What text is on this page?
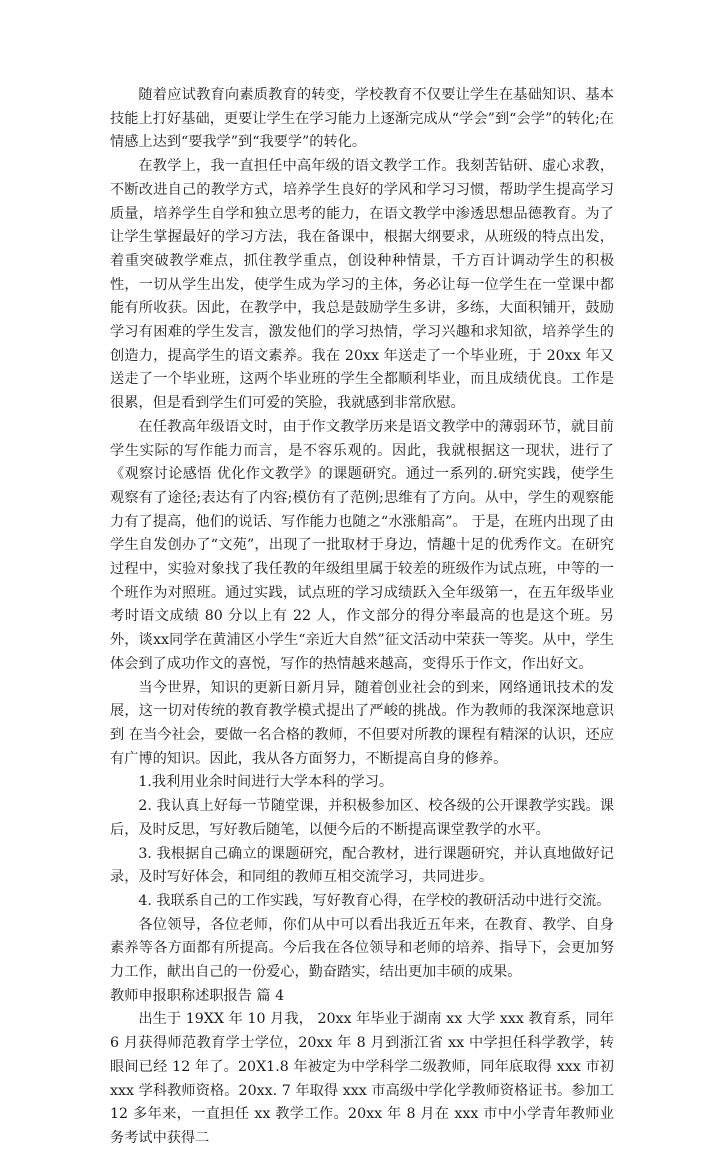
随着应试教育向素质教育的转变，学校教育不仅要让学生在基础知识、基本技能上打好基础，更要让学生在学习能力上逐渐完成从“学会”到“会学”的转化;在情感上达到“要我学”到“我要学”的转化。

在教学上，我一直担任中高年级的语文教学工作。我刻苦钻研、虚心求教，不断改进自己的教学方式，培养学生良好的学风和学习习惯，帮助学生提高学习质量，培养学生自学和独立思考的能力，在语文教学中渗透思想品德教育。为了让学生掌握最好的学习方法，我在备课中，根据大纲要求，从班级的特点出发，着重突破教学难点，抓住教学重点，创设种种情景，千方百计调动学生的积极性，一切从学生出发，使学生成为学习的主体，务必让每一位学生在一堂课中都能有所收获。因此，在教学中，我总是鼓励学生多讲，多练，大面积铺开，鼓励学习有困难的学生发言，激发他们的学习热情，学习兴趣和求知欲，培养学生的创造力，提高学生的语文素养。我在 20xx 年送走了一个毕业班，于 20xx 年又送走了一个毕业班，这两个毕业班的学生全都顺利毕业，而且成绩优良。工作是很累，但是看到学生们可爱的笑脸，我就感到非常欣慰。

在任教高年级语文时，由于作文教学历来是语文教学中的薄弱环节，就目前学生实际的写作能力而言，是不容乐观的。因此，我就根据这一现状，进行了《观察讨论感悟 优化作文教学》的课题研究。通过一系列的.研究实践，使学生观察有了途径;表达有了内容;模仿有了范例;思维有了方向。从中，学生的观察能力有了提高，他们的说话、写作能力也随之“水涨船高”。 于是，在班内出现了由学生自发创办了“文苑”，出现了一批取材于身边，情趣十足的优秀作文。在研究过程中，实验对象找了我任教的年级组里属于较差的班级作为试点班，中等的一个班作为对照班。通过实践，试点班的学习成绩跃入全年级第一，在五年级毕业考时语文成绩 80 分以上有 22 人，作文部分的得分率最高的也是这个班。另外，谈xx同学在黄浦区小学生“亲近大自然”征文活动中荣获一等奖。从中，学生体会到了成功作文的喜悦，写作的热情越来越高，变得乐于作文，作出好文。

当今世界，知识的更新日新月异，随着创业社会的到来，网络通讯技术的发展，这一切对传统的教育教学模式提出了严峻的挑战。作为教师的我深深地意识到 在当今社会，要做一名合格的教师，不但要对所教的课程有精深的认识，还应有广博的知识。因此，我从各方面努力，不断提高自身的修养。

1.我利用业余时间进行大学本科的学习。

2. 我认真上好每一节随堂课，并积极参加区、校各级的公开课教学实践。课后，及时反思，写好教后随笔，以便今后的不断提高课堂教学的水平。

3. 我根据自己确立的课题研究，配合教材，进行课题研究，并认真地做好记录，及时写好体会，和同组的教师互相交流学习，共同进步。

4. 我联系自己的工作实践，写好教育心得，在学校的教研活动中进行交流。

各位领导，各位老师，你们从中可以看出我近五年来，在教育、教学、自身素养等各方面都有所提高。今后我在各位领导和老师的培养、指导下，会更加努力工作，献出自己的一份爱心，勤奋踏实，结出更加丰硕的成果。

教师申报职称述职报告 篇 4

出生于 19XX 年 10 月我， 20xx 年毕业于湖南 xx 大学 xxx 教育系，同年 6 月获得师范教育学士学位，20xx 年 8 月到浙江省 xx 中学担任科学教学，转眼间已经 12 年了。20X1.8 年被定为中学科学二级教师，同年底取得 xxx 市初 xxx 学科教师资格。20xx. 7 年取得 xxx 市高级中学化学教师资格证书。参加工 12 多年来，一直担任 xx 教学工作。20xx 年 8 月在 xxx 市中小学青年教师业务考试中获得二
